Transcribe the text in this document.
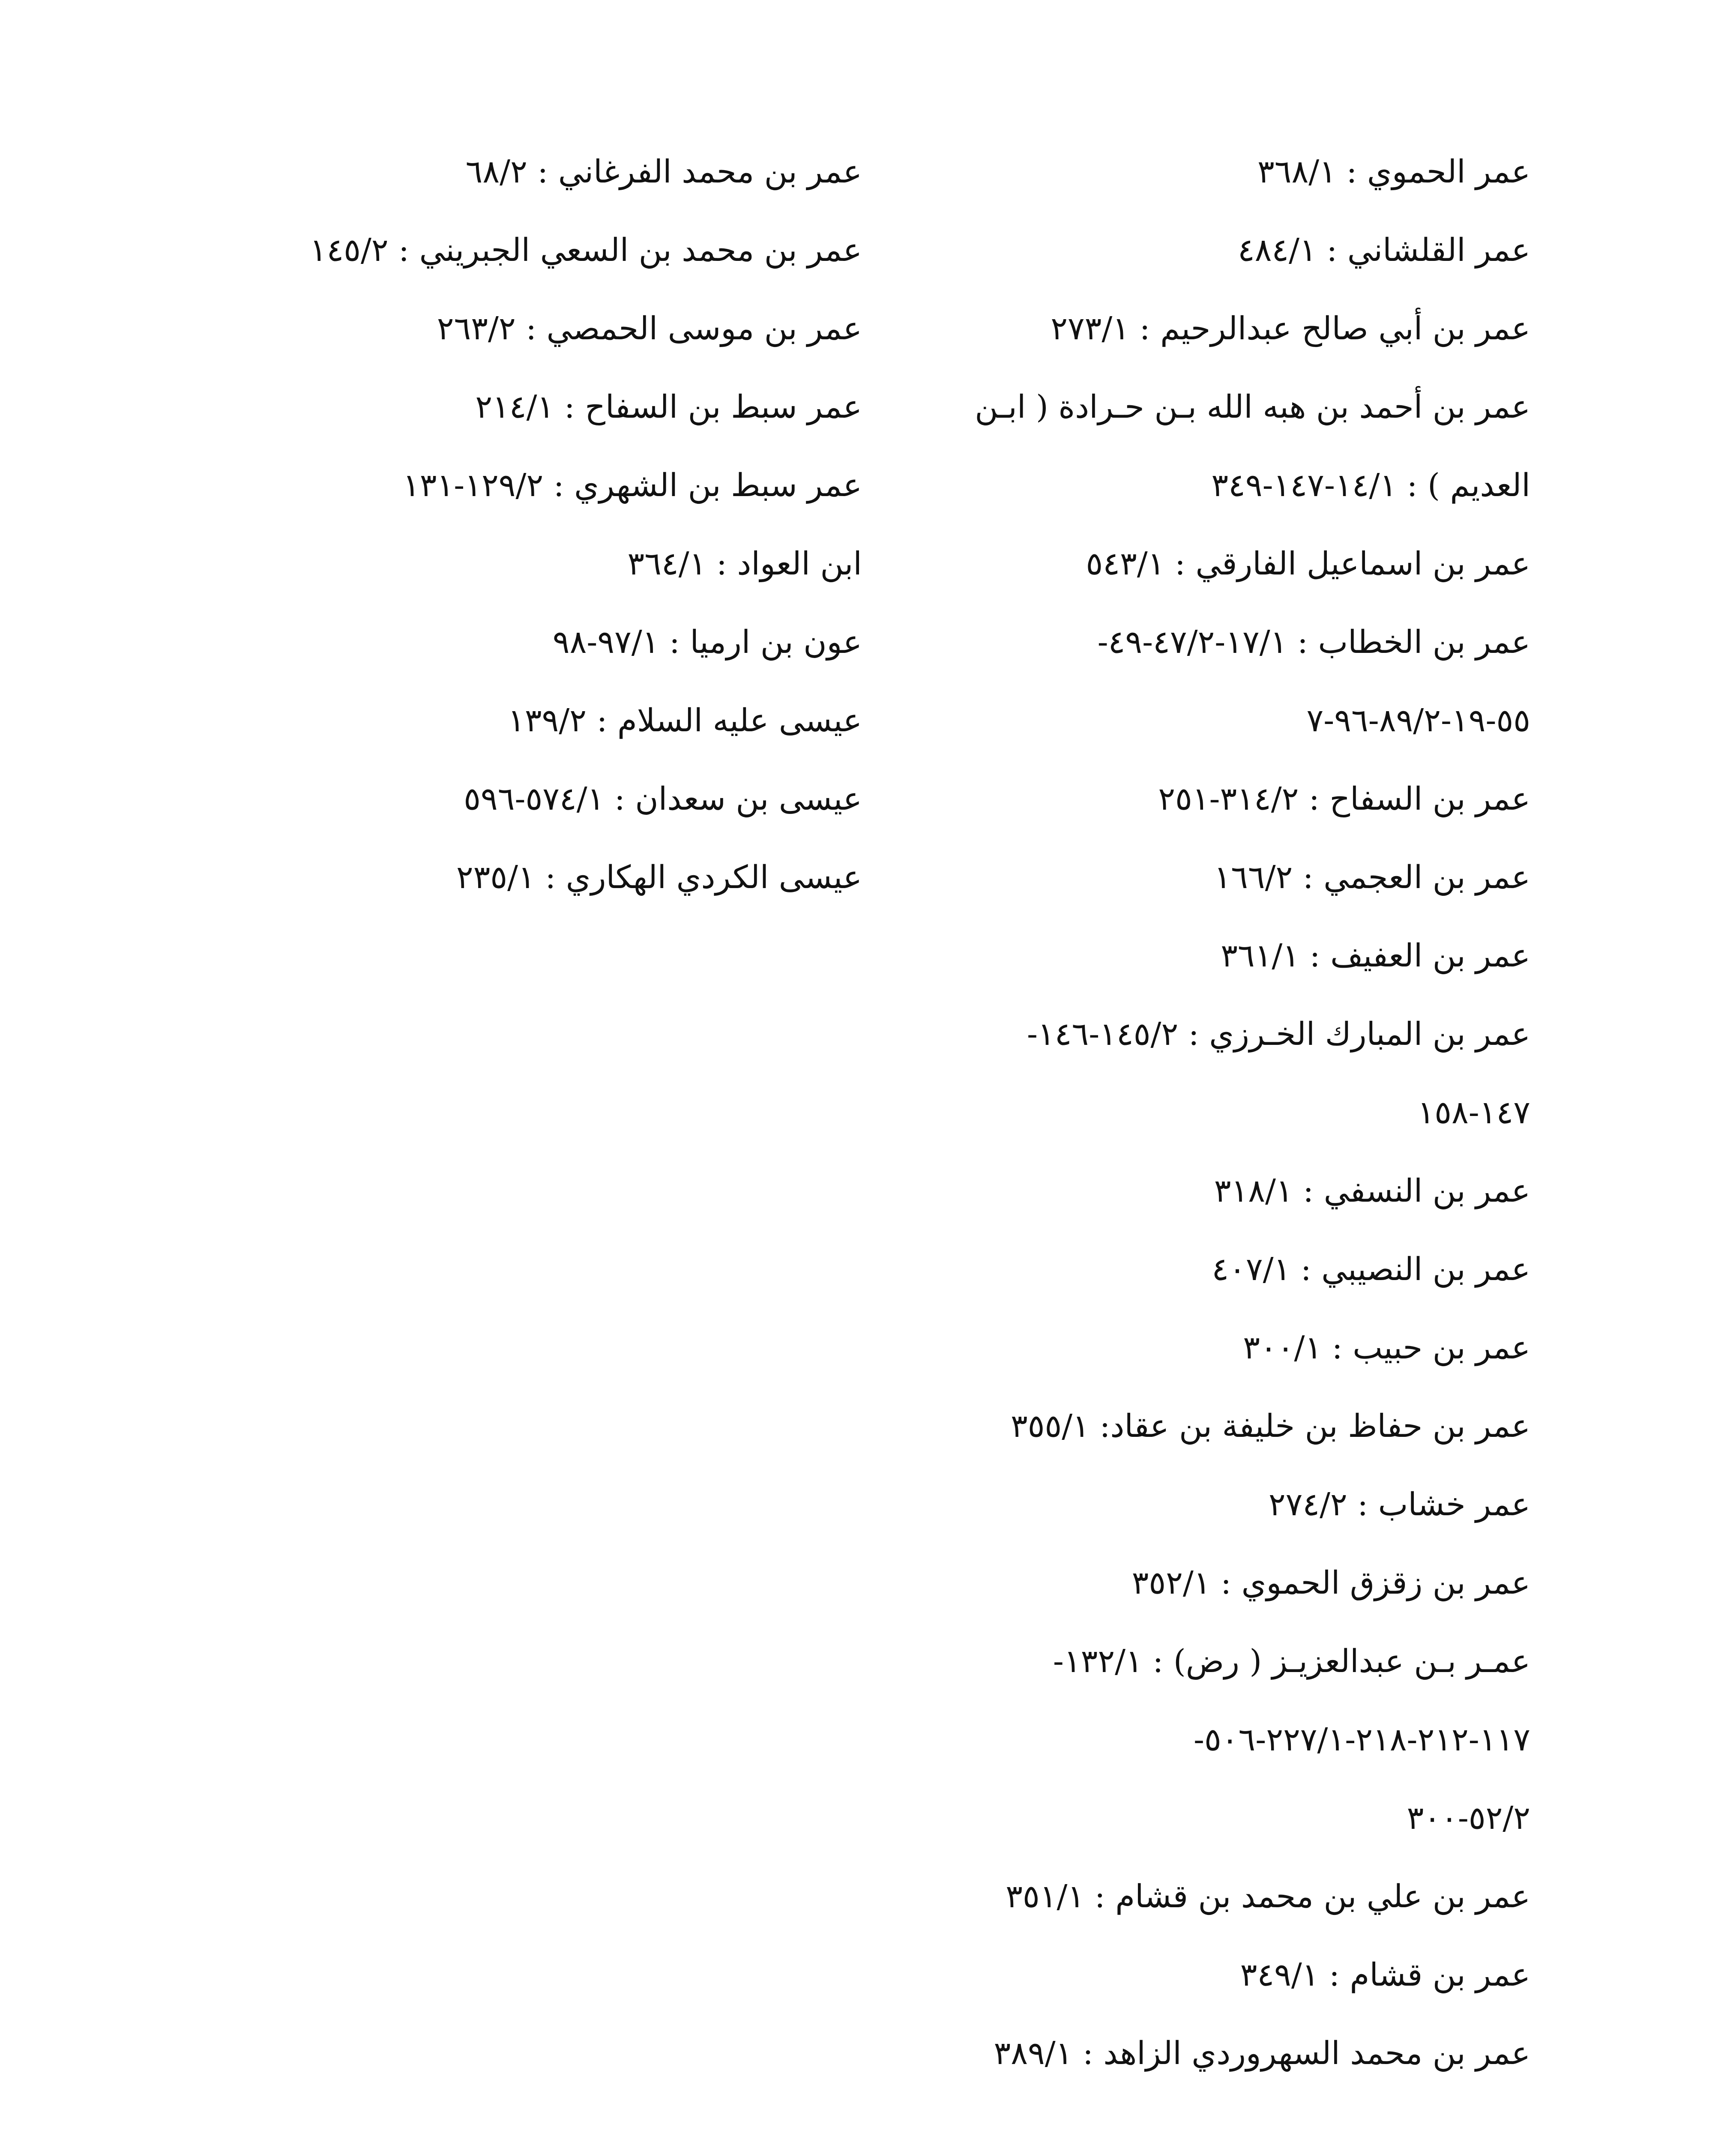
عمر الحموي : ٣٦٨/١
عمر القلشاني : ٤٨٤/١
عمر بن أبي صالح عبدالرحيم : ٢٧٣/١
عمر بن أحمد بن هبه الله بـن حـرادة ( ابـن
العديم ) : ١٤/١-١٤٧-٣٤٩
عمر بن اسماعيل الفارقي : ٥٤٣/١
عمر بن الخطاب : ١٧/١-٤٧/٢-٤٩-
٥٥-١٩-٨٩/٢-٩٦-٧
عمر بن السفاح : ٣١٤/٢-٢٥١
عمر بن العجمي : ١٦٦/٢
عمر بن العفيف : ٣٦١/١
عمر بن المبارك الخـرزي : ١٤٥/٢-١٤٦-
١٤٧-١٥٨
عمر بن النسفي : ٣١٨/١
عمر بن النصيبي : ٤٠٧/١
عمر بن حبيب : ٣٠٠/١
عمر بن حفاظ بن خليفة بن عقاد: ٣٥٥/١
عمر خشاب : ٢٧٤/٢
عمر بن زقزق الحموي : ٣٥٢/١
عمـر بـن عبدالعزيـز ( رض) : ١٣٢/١-
١١٧-٢١٢-٢١٨-٢٢٧/١-٥٠٦-
٥٢/٢-٣٠٠
عمر بن علي بن محمد بن قشام : ٣٥١/١
عمر بن قشام : ٣٤٩/١
عمر بن محمد السهروردي الزاهد : ٣٨٩/١
عمر بن محمد الفرغاني : ٦٨/٢
عمر بن محمد بن السعي الجبريني : ١٤٥/٢
عمر بن موسى الحمصي : ٢٦٣/٢
عمر سبط بن السفاح : ٢١٤/١
عمر سبط بن الشهري : ١٢٩/٢-١٣١
ابن العواد : ٣٦٤/١
عون بن ارميا : ٩٧/١-٩٨
عيسى عليه السلام : ١٣٩/٢
عيسى بن سعدان : ٥٧٤/١-٥٩٦
عيسى الكردي الهكاري : ٢٣٥/١
